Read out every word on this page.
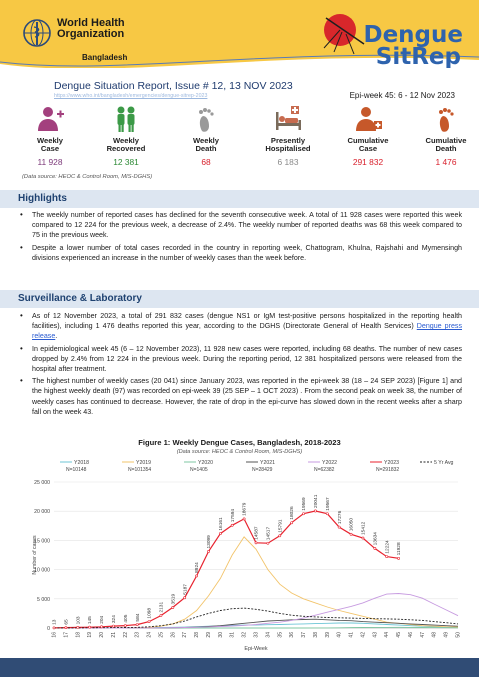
World Health
Organization
Bangladesh
Dengue
SitRep
Dengue Situation Report, Issue # 12, 13 NOV 2023
https://www.who.int/bangladesh/emergencies/dengue-sitrep-2023	Epi-week 45: 6 - 12 Nov 2023
Weekly
Case
11 928
Weekly
Recovered
12 381
Weekly
Death
68
Presently
Hospitalised
6 183
Cumulative
Case
291 832
Cumulative
Death
1 476
(Data source: HEOC & Control Room, MIS-DGHS)
Highlights
• The weekly number of reported cases has declined for the seventh consecutive week. A total of 11 928 cases were reported this week compared to 12 224 for the previous week, a decrease of 2.4%. The weekly number of reported deaths was 68 this week compared to 75 in the previous week.
• Despite a lower number of total cases recorded in the country in reporting week, Chattogram, Khulna, Rajshahi and Mymensingh divisions experienced an increase in the number of weekly cases than the week before.
Surveillance & Laboratory
• As of 12 November 2023, a total of 291 832 cases (dengue NS1 or IgM test-positive persons hospitalized in the reporting health facilities), including 1 476 deaths reported this year, according to the DGHS (Directorate General of Health Services) Dengue press release.
• In epidemiological week 45 (6 – 12 November 2023), 11 928 new cases were reported, including 68 deaths. The number of new cases dropped by 2.4% from 12 224 in the previous week. During the reporting period, 12 381 hospitalized persons were released from the hospital after treatment.
• The highest number of weekly cases (20 041) since January 2023, was reported in the epi-week 38 (18 – 24 SEP 2023) [Figure 1] and the highest weekly death (97) was recorded on epi-week 39 (25 SEP – 1 OCT 2023) . From the second peak on week 38, the number of weekly cases has continued to decrease. However, the rate of drop in the epi-curve has slowed down in the recent weeks after a sharp fall on the week 43.
Figure 1: Weekly Dengue Cases, Bangladesh, 2018-2023
(Data source: HEOC & Control Room, MIS-DGHS)
0
5 000
10 000
15 000
20 000
25 000
16 17 18 19 20 21 22 23 24 25 26 27 28 29 30 31 32 33 34 35 36 37 38 39 40 41 42 43 44 45 46 47 48 49 50
Number of cases
Epi-Week
13 65 103 145 204 324 405 584 1098
2131
3519
5187
8924
13099
16161
17594 18679
14587 14517
15791
18026
19569 20041 19567
17276
16050 15412
13634
12224 11928
Y2018
N=10148
Y2019
N=101354
Y2020
N=1405
Y2021
N=28429
Y2022
N=62382
Y2023
N=291832
5 Yr Avg
